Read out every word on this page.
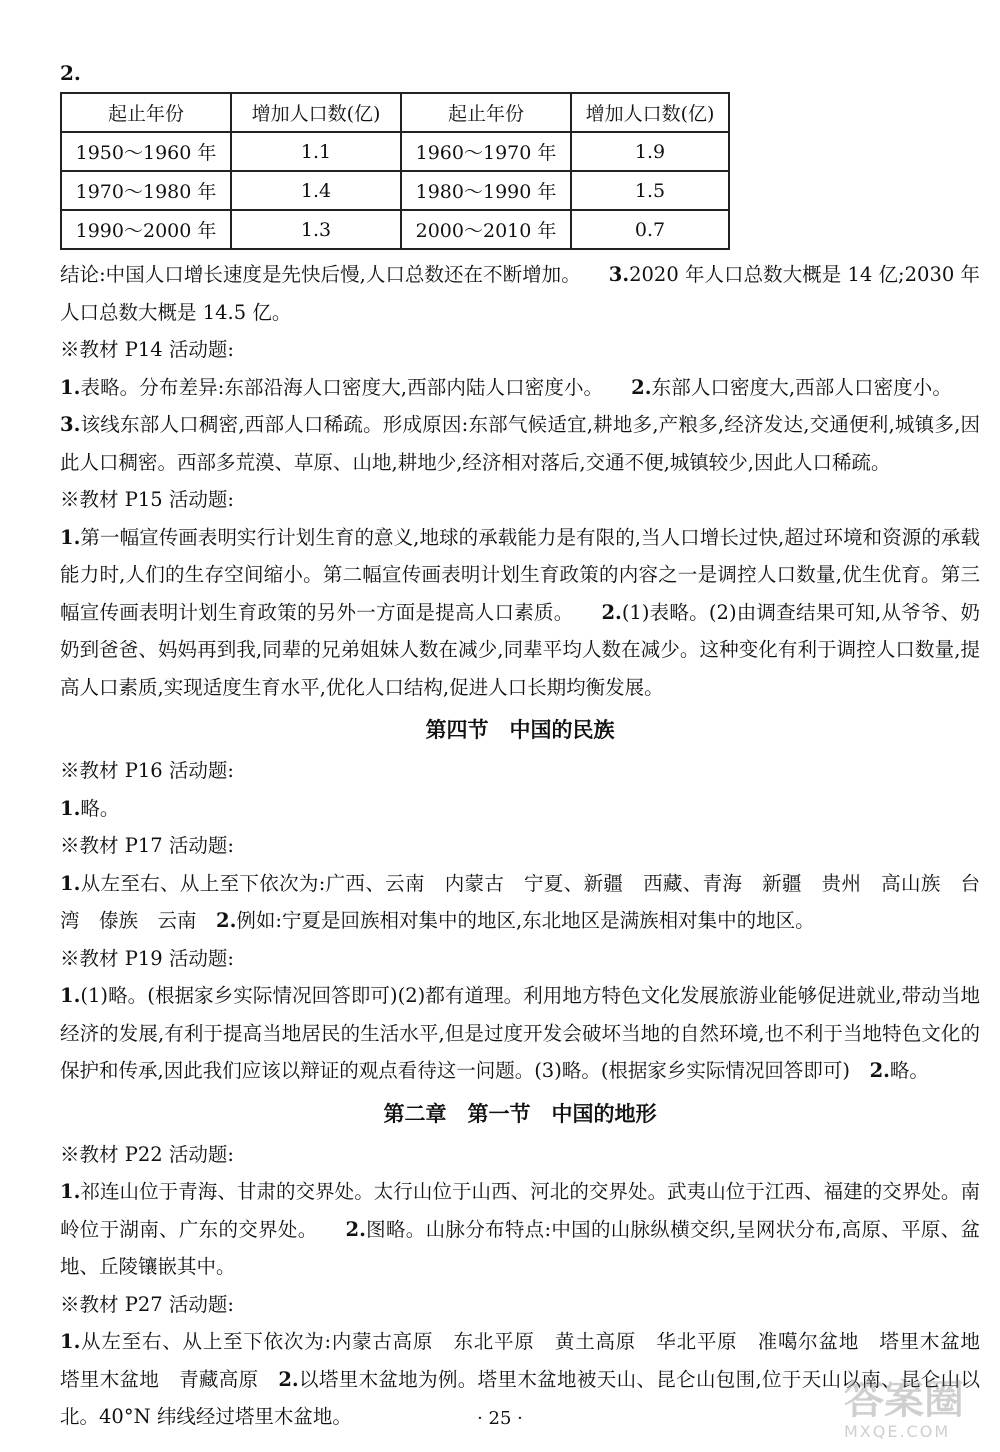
2.
起止年份	增加人口数(亿)	起止年份	增加人口数(亿)
1950～1960 年	1.1	1960～1970 年	1.9
1970～1980 年	1.4	1980～1990 年	1.5
1990～2000 年	1.3	2000～2010 年	0.7

结论:中国人口增长速度是先快后慢,人口总数还在不断增加。 3.2020 年人口总数大概是 14 亿;2030 年人口总数大概是 14.5 亿。

※教材 P14 活动题:

1.表略。分布差异:东部沿海人口密度大,西部内陆人口密度小。 2.东部人口密度大,西部人口密度小。3.该线东部人口稠密,西部人口稀疏。形成原因:东部气候适宜,耕地多,产粮多,经济发达,交通便利,城镇多,因此人口稠密。西部多荒漠、草原、山地,耕地少,经济相对落后,交通不便,城镇较少,因此人口稀疏。

※教材 P15 活动题:

1.第一幅宣传画表明实行计划生育的意义,地球的承载能力是有限的,当人口增长过快,超过环境和资源的承载能力时,人们的生存空间缩小。第二幅宣传画表明计划生育政策的内容之一是调控人口数量,优生优育。第三幅宣传画表明计划生育政策的另外一方面是提高人口素质。 2.(1)表略。(2)由调查结果可知,从爷爷、奶奶到爸爸、妈妈再到我,同辈的兄弟姐妹人数在减少,同辈平均人数在减少。这种变化有利于调控人口数量,提高人口素质,实现适度生育水平,优化人口结构,促进人口长期均衡发展。

第四节　中国的民族

※教材 P16 活动题:

1.略。

※教材 P17 活动题:

1.从左至右、从上至下依次为:广西、云南　内蒙古　宁夏、新疆　西藏、青海　新疆　贵州　高山族　台湾　傣族　云南　 2.例如:宁夏是回族相对集中的地区,东北地区是满族相对集中的地区。

※教材 P19 活动题:

1.(1)略。(根据家乡实际情况回答即可)(2)都有道理。利用地方特色文化发展旅游业能够促进就业,带动当地经济的发展,有利于提高当地居民的生活水平,但是过度开发会破坏当地的自然环境,也不利于当地特色文化的保护和传承,因此我们应该以辩证的观点看待这一问题。(3)略。(根据家乡实际情况回答即可)　 2.略。

第二章　第一节　中国的地形

※教材 P22 活动题:

1.祁连山位于青海、甘肃的交界处。太行山位于山西、河北的交界处。武夷山位于江西、福建的交界处。南岭位于湖南、广东的交界处。 2.图略。山脉分布特点:中国的山脉纵横交织,呈网状分布,高原、平原、盆地、丘陵镶嵌其中。

※教材 P27 活动题:

1.从左至右、从上至下依次为:内蒙古高原　东北平原　黄土高原　华北平原　准噶尔盆地　塔里木盆地　塔里木盆地　青藏高原　 2.以塔里木盆地为例。塔里木盆地被天山、昆仑山包围,位于天山以南、昆仑山以北。40°N 纬线经过塔里木盆地。	· 25 ·	答案圈
MXQE.COM
